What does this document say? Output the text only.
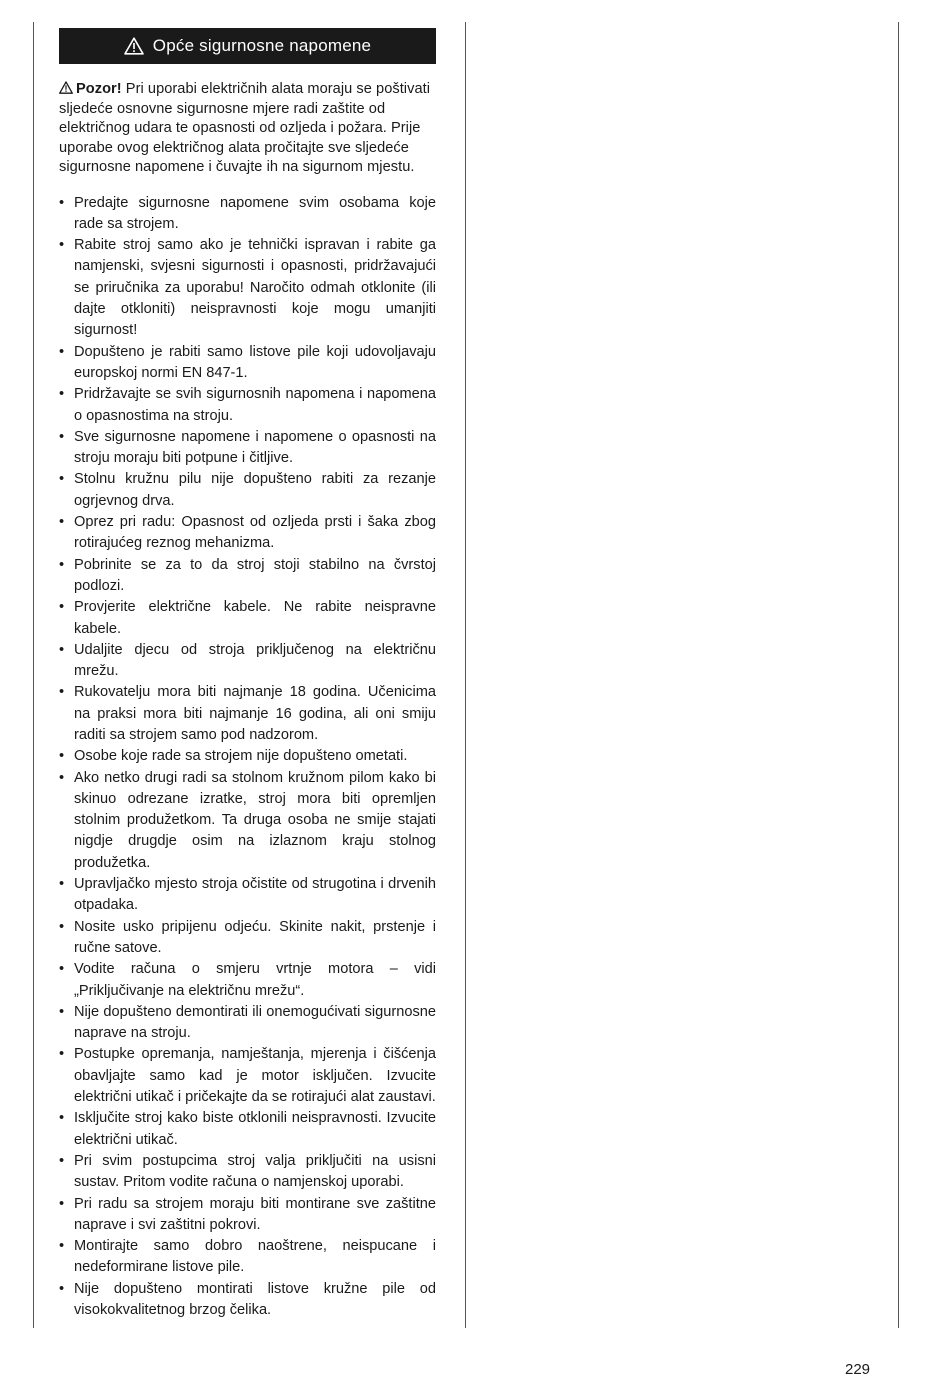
Opće sigurnosne napomene

Pozor! Pri uporabi električnih alata moraju se poštivati sljedeće osnovne sigurnosne mjere radi zaštite od električnog udara te opasnosti od ozljeda i požara. Prije uporabe ovog električnog alata pročitajte sve sljedeće sigurnosne napomene i čuvajte ih na sigurnom mjestu.

• Predajte sigurnosne napomene svim osobama koje rade sa strojem.
• Rabite stroj samo ako je tehnički ispravan i rabite ga namjenski, svjesni sigurnosti i opasnosti, pridržavajući se priručnika za uporabu! Naročito odmah otklonite (ili dajte otkloniti) neispravnosti koje mogu umanjiti sigurnost!
• Dopušteno je rabiti samo listove pile koji udovoljavaju europskoj normi EN 847-1.
• Pridržavajte se svih sigurnosnih napomena i napomena o opasnostima na stroju.
• Sve sigurnosne napomene i napomene o opasnosti na stroju moraju biti potpune i čitljive.
• Stolnu kružnu pilu nije dopušteno rabiti za rezanje ogrjevnog drva.
• Oprez pri radu: Opasnost od ozljeda prsti i šaka zbog rotirajućeg reznog mehanizma.
• Pobrinite se za to da stroj stoji stabilno na čvrstoj podlozi.
• Provjerite električne kabele. Ne rabite neispravne kabele.
• Udaljite djecu od stroja priključenog na električnu mrežu.
• Rukovatelju mora biti najmanje 18 godina. Učenicima na praksi mora biti najmanje 16 godina, ali oni smiju raditi sa strojem samo pod nadzorom.
• Osobe koje rade sa strojem nije dopušteno ometati.
• Ako netko drugi radi sa stolnom kružnom pilom kako bi skinuo odrezane izratke, stroj mora biti opremljen stolnim produžetkom. Ta druga osoba ne smije stajati nigdje drugdje osim na izlaznom kraju stolnog produžetka.
• Upravljačko mjesto stroja očistite od strugotina i drvenih otpadaka.
• Nosite usko pripijenu odjeću. Skinite nakit, prstenje i ručne satove.
• Vodite računa o smjeru vrtnje motora – vidi „Priključivanje na električnu mrežu“.
• Nije dopušteno demontirati ili onemogućivati sigurnosne naprave na stroju.
• Postupke opremanja, namještanja, mjerenja i čišćenja obavljajte samo kad je motor isključen. Izvucite električni utikač i pričekajte da se rotirajući alat zaustavi.
• Isključite stroj kako biste otklonili neispravnosti. Izvucite električni utikač.
• Pri svim postupcima stroj valja priključiti na usisni sustav. Pritom vodite računa o namjenskoj uporabi.
• Pri radu sa strojem moraju biti montirane sve zaštitne naprave i svi zaštitni pokrovi.
• Montirajte samo dobro naoštrene, neispucane i nedeformirane listove pile.
• Nije dopušteno montirati listove kružne pile od visokokvalitetnog brzog čelika.
229
